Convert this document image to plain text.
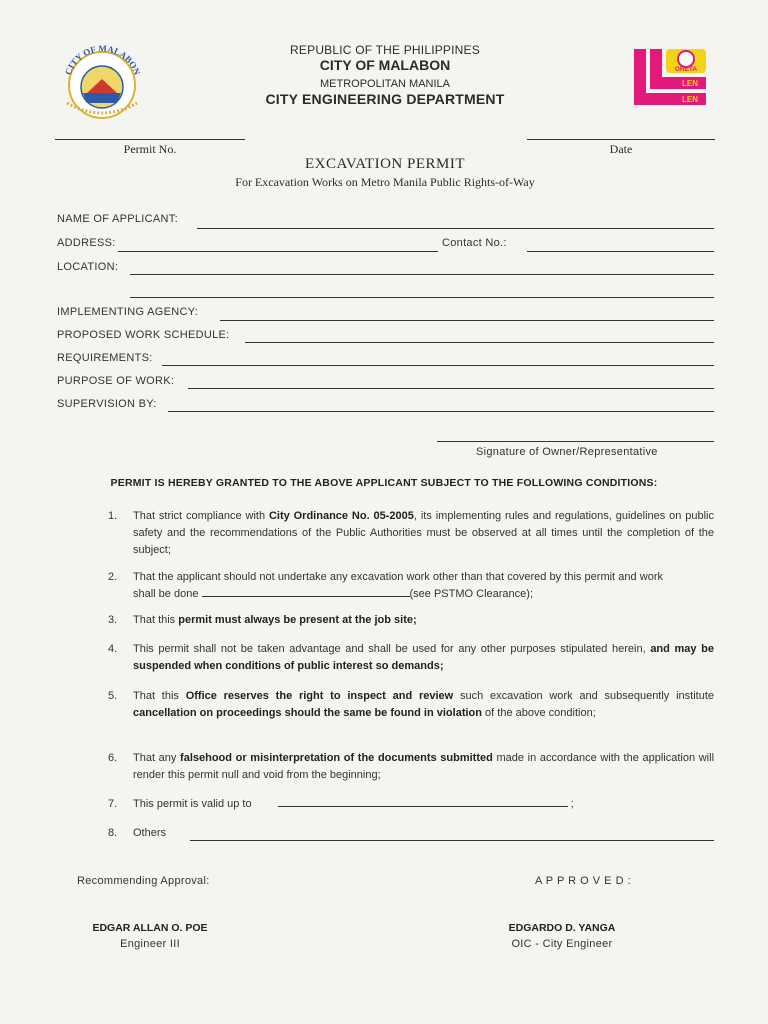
2001
CITY OF MALABON
REPUBLIC OF THE PHILIPPINES
CITY OF MALABON
METROPOLITAN MANILA
CITY ENGINEERING DEPARTMENT
ORETA
LEN
LEN
Permit No.	Date
EXCAVATION PERMIT
For Excavation Works on Metro Manila Public Rights-of-Way
NAME OF APPLICANT:
ADDRESS:	Contact No.:
LOCATION:
IMPLEMENTING AGENCY:
PROPOSED WORK SCHEDULE:
REQUIREMENTS:
PURPOSE OF WORK:
SUPERVISION BY:
Signature of Owner/Representative
PERMIT IS HEREBY GRANTED TO THE ABOVE APPLICANT SUBJECT TO THE FOLLOWING CONDITIONS:
1.	That strict compliance with City Ordinance No. 05-2005, its implementing rules and regulations, guidelines on public safety and the recommendations of the Public Authorities must be observed at all times until the completion of the subject;
2.	That the applicant should not undertake any excavation work other than that covered by this permit and work shall be done	(see PSTMO Clearance);
3.	That this permit must always be present at the job site;
4.	This permit shall not be taken advantage and shall be used for any other purposes stipulated herein, and may be suspended when conditions of public interest so demands;
5.	That this Office reserves the right to inspect and review such excavation work and subsequently institute cancellation on proceedings should the same be found in violation of the above condition;
6.	That any falsehood or misinterpretation of the documents submitted made in accordance with the application will render this permit null and void from the beginning;
7.	This permit is valid up to	;
8.	Others
Recommending Approval:	A P P R O V E D :
EDGAR ALLAN O. POE
Engineer III
EDGARDO D. YANGA
OIC - City Engineer
